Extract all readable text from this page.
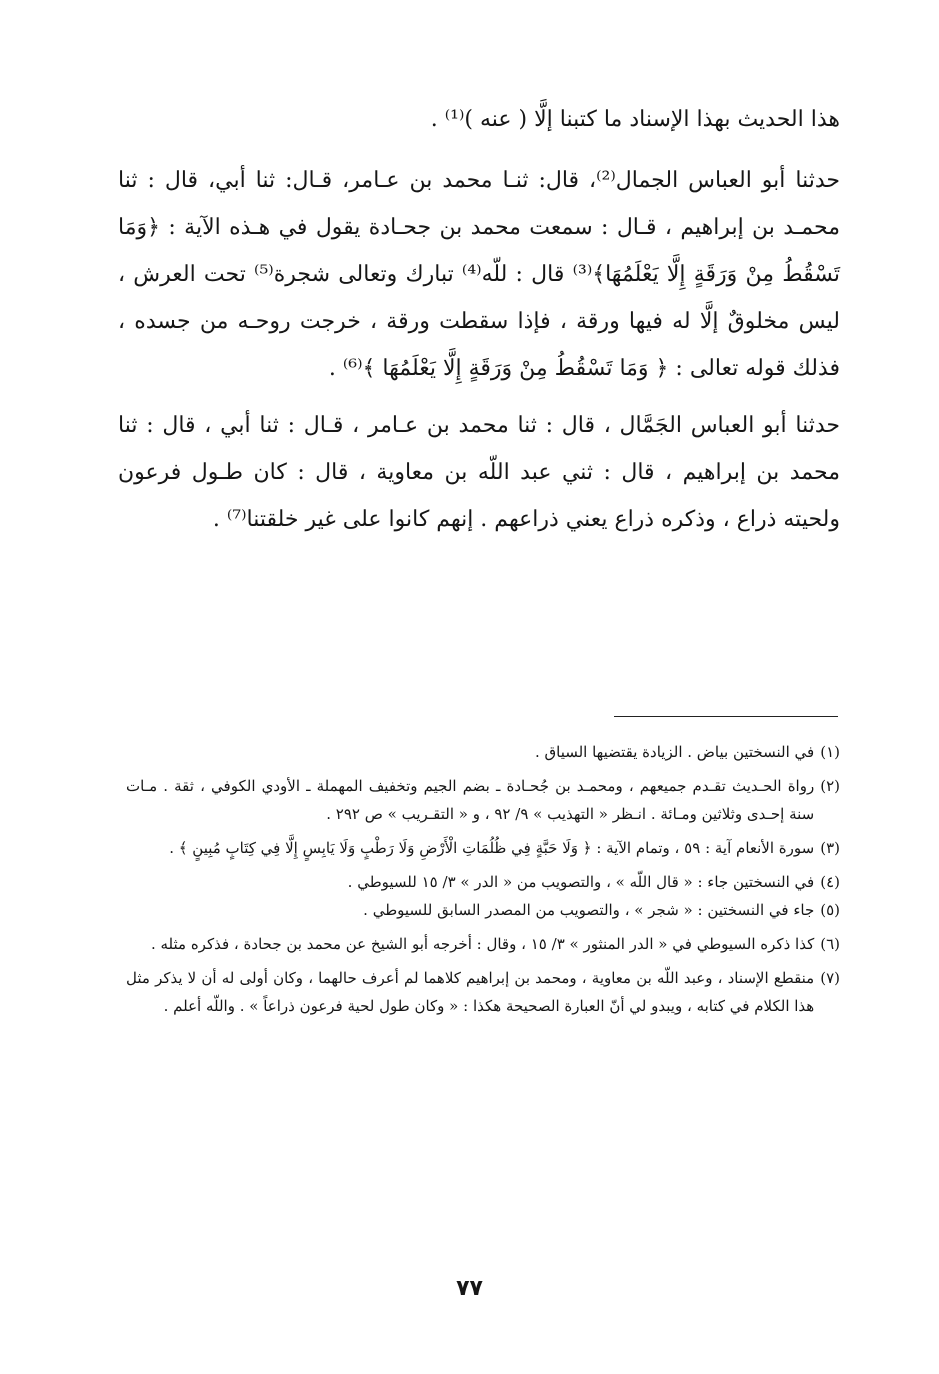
هذا الحديث بهذا الإسناد ما كتبنا إلَّا ( عنه )⁽¹⁾ .

حدثنا أبو العباس الجمال⁽²⁾، قال: ثنـا محمد بن عـامر، قـال: ثنا أبي، قال : ثنا محمـد بن إبراهيم ، قـال : سمعت محمد بن جحـادة يقول في هـذه الآية : ﴿وَمَا تَسْقُطُ مِنْ وَرَقَةٍ إِلَّا يَعْلَمُهَا﴾⁽³⁾ قال : للّه⁽⁴⁾ تبارك وتعالى شجرة⁽⁵⁾ تحت العرش ، ليس مخلوقٌ إلَّا له فيها ورقة ، فإذا سقطت ورقة ، خرجت روحـه من جسده ، فذلك قوله تعالى : ﴿ وَمَا تَسْقُطُ مِنْ وَرَقَةٍ إِلَّا يَعْلَمُهَا ﴾⁽⁶⁾ .

حدثنا أبو العباس الجَمَّال ، قال : ثنا محمد بن عـامر ، قـال : ثنا أبي ، قال : ثنا محمد بن إبراهيم ، قال : ثني عبد اللّه بن معاوية ، قال : كان طـول فرعون ولحيته ذراع ، وذكره ذراع يعني ذراعهم . إنهم كانوا على غير خلقتنا⁽⁷⁾ .

(١)
في النسختين بياض . الزيادة يقتضيها السياق .
(٢)
رواة الحـديث تقـدم جميعهم ، ومحمـد بن جُحـادة ـ بضم الجيم وتخفيف المهملة ـ الأودي الكوفي ، ثقة . مـات سنة إحـدى وثلاثين ومـائة . انـظر « التهذيب » ٩/ ٩٢ ، و « التقـريب » ص ٢٩٢ .
(٣)
سورة الأنعام آية : ٥٩ ، وتمام الآية : ﴿ وَلَا حَبَّةٍ فِي ظُلُمَاتِ الْأَرْضِ وَلَا رَطْبٍ وَلَا يَابِسٍ إِلَّا فِي كِتَابٍ مُبِينٍ ﴾ .
(٤)
في النسختين جاء : « قال اللّه » ، والتصويب من « الدر » ٣/ ١٥ للسيوطي .
(٥)
جاء في النسختين : « شجر » ، والتصويب من المصدر السابق للسيوطي .
(٦)
كذا ذكره السيوطي في « الدر المنثور » ٣/ ١٥ ، وقال : أخرجه أبو الشيخ عن محمد بن جحادة ، فذكره مثله .
(٧)
منقطع الإسناد ، وعبد اللّه بن معاوية ، ومحمد بن إبراهيم كلاهما لم أعرف حالهما ، وكان أولى له أن لا يذكر مثل هذا الكلام في كتابه ، ويبدو لي أنّ العبارة الصحيحة هكذا : « وكان طول لحية فرعون ذراعاً » . واللّه أعلم .
٧٧
